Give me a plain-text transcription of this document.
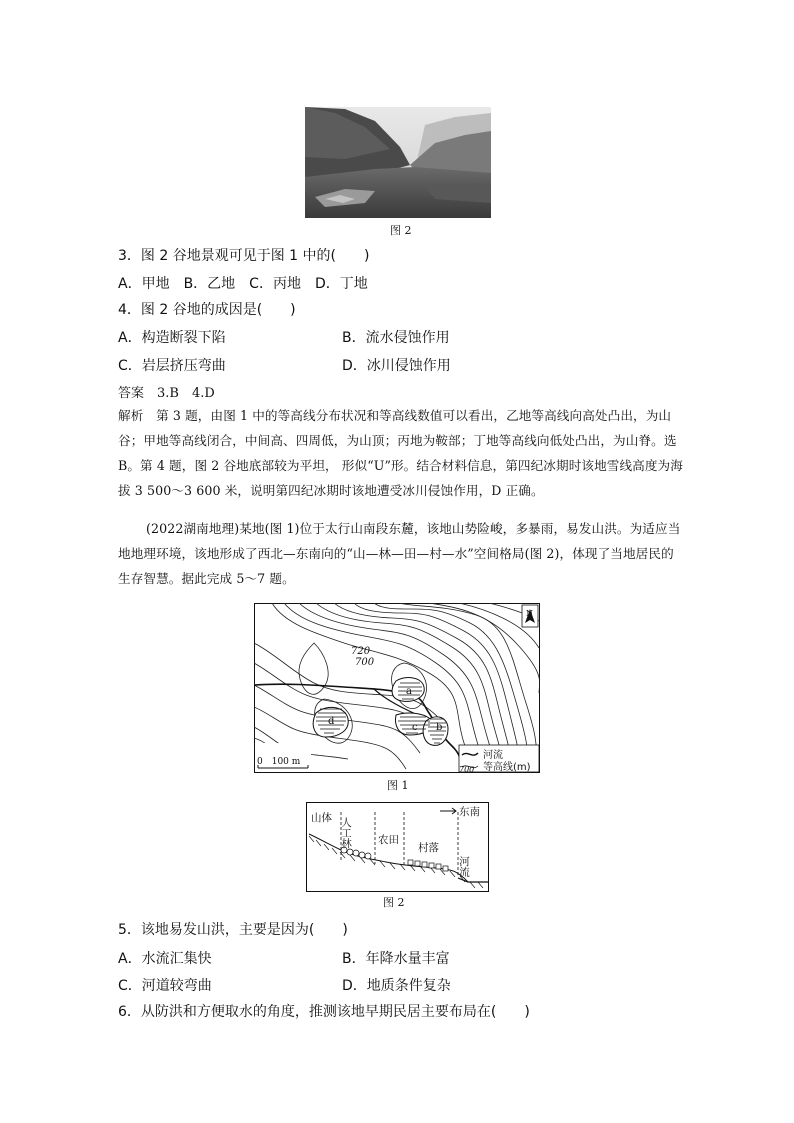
图 2
3．图 2 谷地景观可见于图 1 中的(　　)
A．甲地　B．乙地　C．丙地　D．丁地
4．图 2 谷地的成因是(　　)
A．构造断裂下陷	B．流水侵蚀作用
C．岩层挤压弯曲	D．冰川侵蚀作用
答案　 3.B　4.D
解析　 第 3 题，由图 1 中的等高线分布状况和等高线数值可以看出，乙地等高线向高处凸出，为山谷；甲地等高线闭合，中间高、四周低，为山顶；丙地为鞍部；丁地等高线向低处凸出，为山脊。选 B。第 4 题，图 2 谷地底部较为平坦， 形似“U”形。结合材料信息，第四纪冰期时该地雪线高度为海拔 3 500～3 600 米，说明第四纪冰期时该地遭受冰川侵蚀作用，D 正确。
(2022湖南地理)某地(图 1)位于太行山南段东麓，该地山势险峻，多暴雨，易发山洪。为适应当地地理环境，该地形成了西北—东南向的“山—林—田—村—水”空间格局(图 2)，体现了当地居民的生存智慧。据此完成 5～7 题。
a
b
c
d
720
700
N
0　100 m
河流
700 等高线(m)
图 1
山体 人工林 农田
村落
河流
东南
图 2
5．该地易发山洪，主要是因为(　　)
A．水流汇集快	B．年降水量丰富
C．河道较弯曲	D．地质条件复杂
6．从防洪和方便取水的角度，推测该地早期民居主要布局在(　　)
